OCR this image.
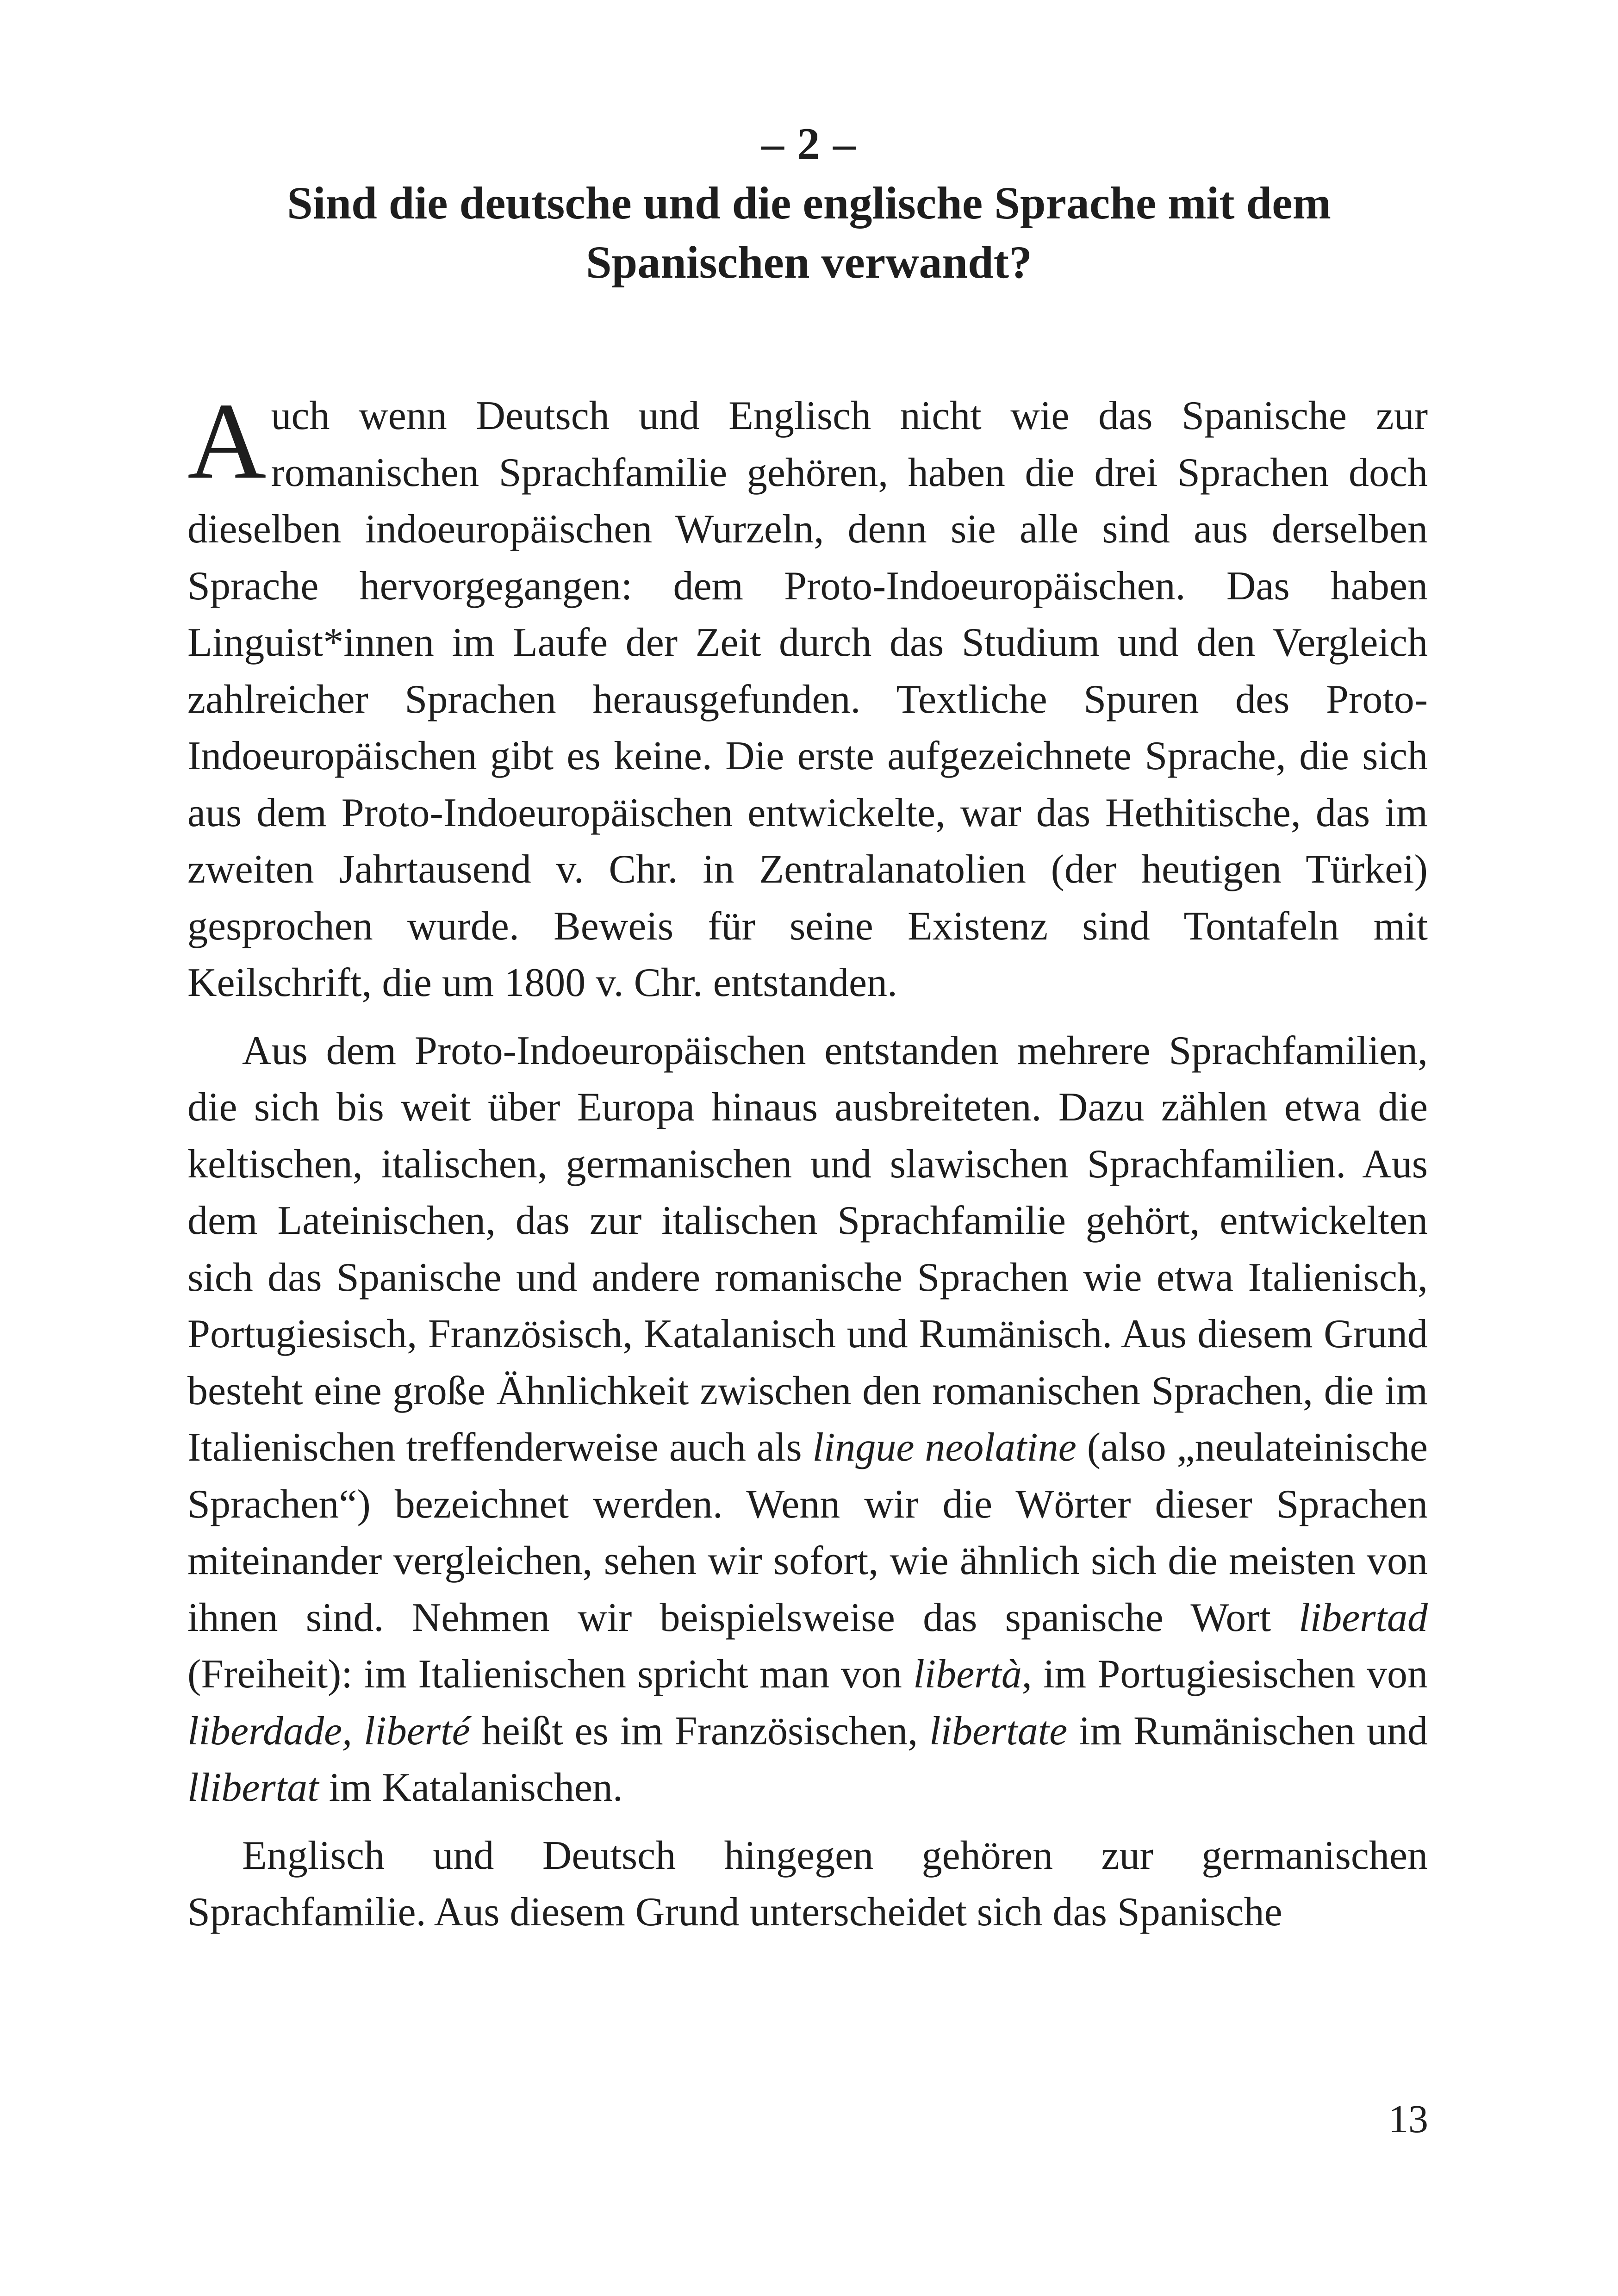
– 2 –
Sind die deutsche und die englische Sprache mit dem Spanischen verwandt?

Auch wenn Deutsch und Englisch nicht wie das Spanische zur romanischen Sprachfamilie gehören, haben die drei Sprachen doch dieselben indoeuropäischen Wurzeln, denn sie alle sind aus derselben Sprache hervorgegangen: dem Proto-Indoeuropäischen. Das haben Linguist*innen im Laufe der Zeit durch das Studium und den Vergleich zahlreicher Sprachen herausgefunden. Textliche Spuren des Proto-Indoeuropäischen gibt es keine. Die erste aufgezeichnete Sprache, die sich aus dem Proto-Indoeuropäischen entwickelte, war das Hethitische, das im zweiten Jahrtausend v. Chr. in Zentralanatolien (der heutigen Türkei) gesprochen wurde. Beweis für seine Existenz sind Tontafeln mit Keilschrift, die um 1800 v. Chr. entstanden.

Aus dem Proto-Indoeuropäischen entstanden mehrere Sprachfamilien, die sich bis weit über Europa hinaus ausbreiteten. Dazu zählen etwa die keltischen, italischen, germanischen und slawischen Sprachfamilien. Aus dem Lateinischen, das zur italischen Sprachfamilie gehört, entwickelten sich das Spanische und andere romanische Sprachen wie etwa Italienisch, Portugiesisch, Französisch, Katalanisch und Rumänisch. Aus diesem Grund besteht eine große Ähnlichkeit zwischen den romanischen Sprachen, die im Italienischen treffenderweise auch als lingue neolatine (also „neulateinische Sprachen“) bezeichnet werden. Wenn wir die Wörter dieser Sprachen miteinander vergleichen, sehen wir sofort, wie ähnlich sich die meisten von ihnen sind. Nehmen wir beispielsweise das spanische Wort libertad (Freiheit): im Italienischen spricht man von libertà, im Portugiesischen von liberdade, liberté heißt es im Französischen, libertate im Rumänischen und llibertat im Katalanischen.

Englisch und Deutsch hingegen gehören zur germanischen Sprachfamilie. Aus diesem Grund unterscheidet sich das Spanische

13
